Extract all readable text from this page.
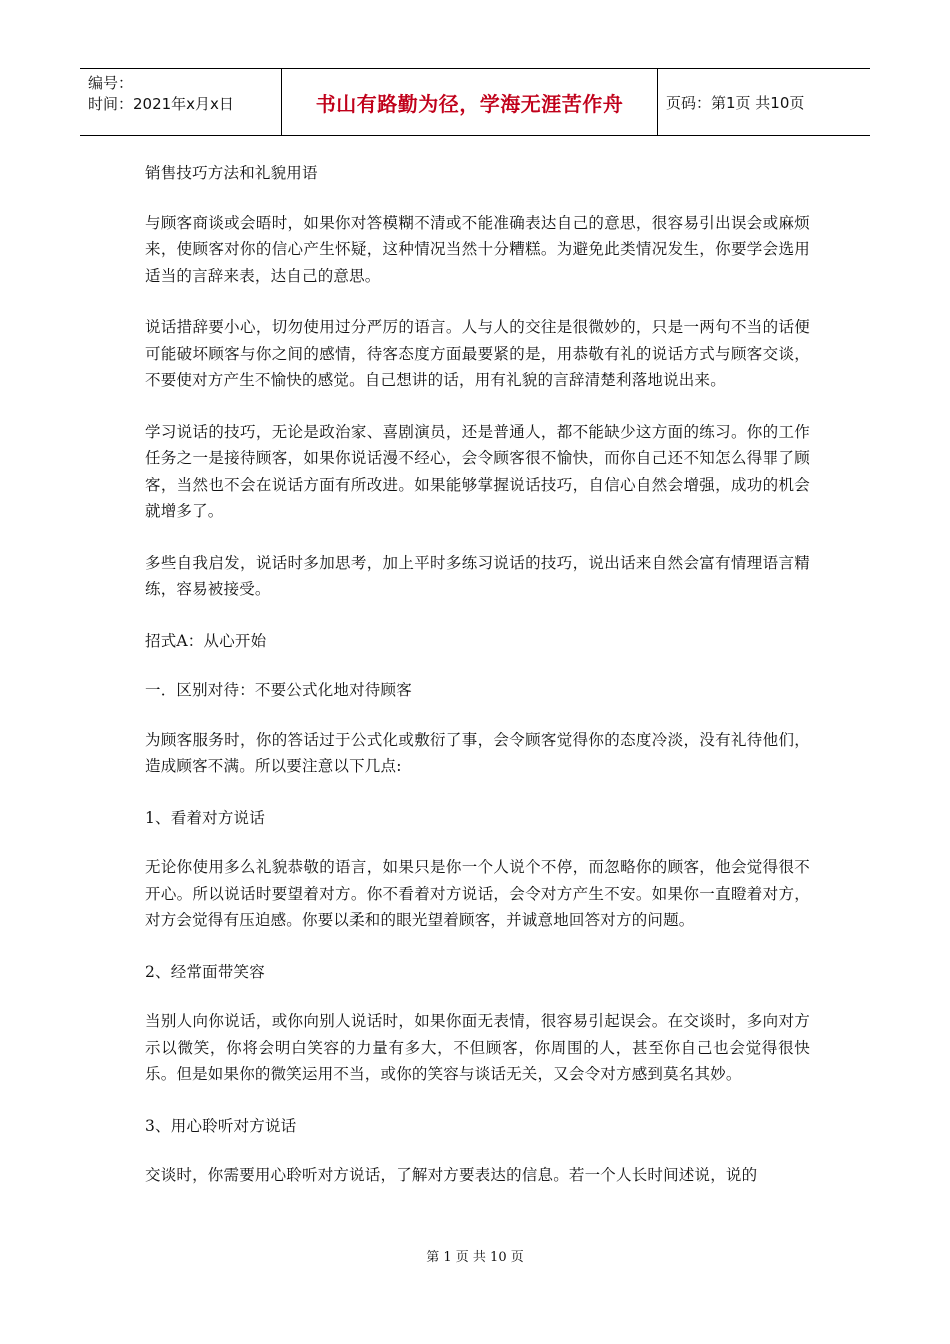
编号：
时间：2021年x月x日	书山有路勤为径，学海无涯苦作舟	页码：第1页 共10页

销售技巧方法和礼貌用语

与顾客商谈或会晤时，如果你对答模糊不清或不能准确表达自己的意思，很容易引出误会或麻烦来，使顾客对你的信心产生怀疑，这种情况当然十分糟糕。为避免此类情况发生，你要学会选用适当的言辞来表，达自己的意思。

说话措辞要小心，切勿使用过分严厉的语言。人与人的交往是很微妙的，只是一两句不当的话便可能破坏顾客与你之间的感情，待客态度方面最要紧的是，用恭敬有礼的说话方式与顾客交谈，不要使对方产生不愉快的感觉。自己想讲的话，用有礼貌的言辞清楚利落地说出来。

学习说话的技巧，无论是政治家、喜剧演员，还是普通人，都不能缺少这方面的练习。你的工作任务之一是接待顾客，如果你说话漫不经心，会令顾客很不愉快，而你自己还不知怎么得罪了顾客，当然也不会在说话方面有所改进。如果能够掌握说话技巧，自信心自然会增强，成功的机会就增多了。

多些自我启发，说话时多加思考，加上平时多练习说话的技巧，说出话来自然会富有情理语言精练，容易被接受。

招式A：从心开始

一．区别对待：不要公式化地对待顾客

为顾客服务时，你的答话过于公式化或敷衍了事，会令顾客觉得你的态度冷淡，没有礼待他们，造成顾客不满。所以要注意以下几点:

1、看着对方说话

无论你使用多么礼貌恭敬的语言，如果只是你一个人说个不停，而忽略你的顾客，他会觉得很不开心。所以说话时要望着对方。你不看着对方说话，会令对方产生不安。如果你一直瞪着对方，对方会觉得有压迫感。你要以柔和的眼光望着顾客，并诚意地回答对方的问题。

2、经常面带笑容

当别人向你说话，或你向别人说话时，如果你面无表情，很容易引起误会。在交谈时，多向对方示以微笑，你将会明白笑容的力量有多大，不但顾客，你周围的人，甚至你自己也会觉得很快乐。但是如果你的微笑运用不当，或你的笑容与谈话无关，又会令对方感到莫名其妙。

3、用心聆听对方说话

交谈时，你需要用心聆听对方说话，了解对方要表达的信息。若一个人长时间述说，说的

第 1 页 共 10 页
